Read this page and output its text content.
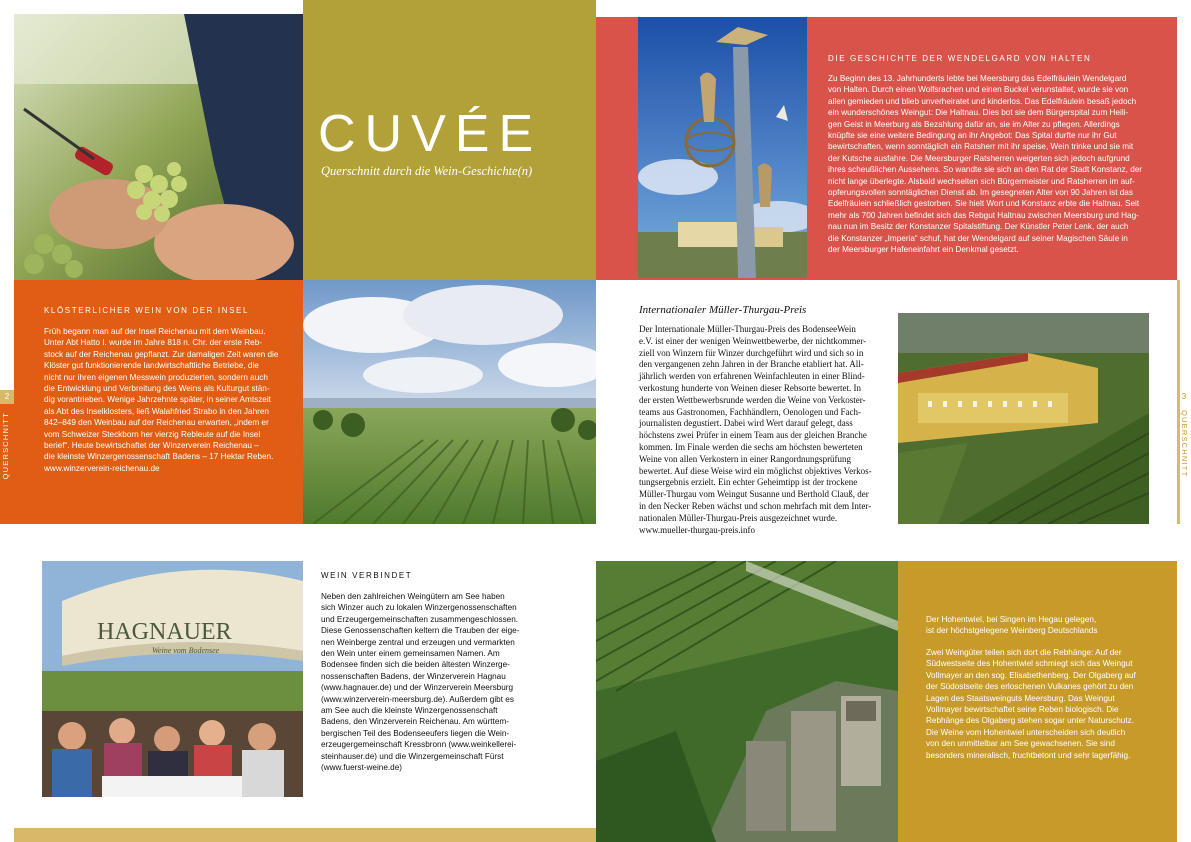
CUVÉE
Querschnitt durch die Wein-Geschichte(n)
DIE GESCHICHTE DER WENDELGARD VON HALTEN
Zu Beginn des 13. Jahrhunderts lebte bei Meersburg das Edelfräulein Wendelgard
von Halten. Durch einen Wolfsrachen und einen Buckel verunstaltet, wurde sie von
allen gemieden und blieb unverheiratet und kinderlos. Das Edelfräulein besaß jedoch
ein wunderschönes Weingut: Die Haltnau. Dies bot sie dem Bürgerspital zum Heili-
gen Geist in Meerburg als Bezahlung dafür an, sie im Alter zu pflegen. Allerdings
knüpfte sie eine weitere Bedingung an ihr Angebot: Das Spital durfte nur ihr Gut
bewirtschaften, wenn sonntäglich ein Ratsherr mit ihr speise, Wein trinke und sie mit
der Kutsche ausfahre. Die Meersburger Ratsherren weigerten sich jedoch aufgrund
ihres scheußlichen Aussehens. So wandte sie sich an den Rat der Stadt Konstanz, der
nicht lange überlegte. Alsbald wechselten sich Bürgermeister und Ratsherren im auf-
opferungsvollen sonntäglichen Dienst ab. Im gesegneten Alter von 90 Jahren ist das
Edelfräulein schließlich gestorben. Sie hielt Wort und Konstanz erbte die Haltnau. Seit
mehr als 700 Jahren befindet sich das Rebgut Haltnau zwischen Meersburg und Hag-
nau nun im Besitz der Konstanzer Spitalstiftung. Der Künstler Peter Lenk, der auch
die Konstanzer „Imperia“ schuf, hat der Wendelgard auf seiner Magischen Säule in
der Meersburger Hafeneinfahrt ein Denkmal gesetzt.
KLÖSTERLICHER WEIN VON DER INSEL
Früh begann man auf der Insel Reichenau mit dem Weinbau.
Unter Abt Hatto I. wurde im Jahre 818 n. Chr. der erste Reb-
stock auf der Reichenau gepflanzt. Zur damaligen Zeit waren die
Klöster gut funktionierende landwirtschaftliche Betriebe, die
nicht nur ihren eigenen Messwein produzierten, sondern auch
die Entwicklung und Verbreitung des Weins als Kulturgut stän-
dig vorantrieben. Wenige Jahrzehnte später, in seiner Amtszeit
als Abt des Inselklosters, ließ Walahfried Strabo in den Jahren
842–849 den Weinbau auf der Reichenau erwarten, „indem er
vom Schweizer Steckborn her vierzig Rebleute auf die Insel
berief“. Heute bewirtschaftet der Winzerverein Reichenau –
die kleinste Winzergenossenschaft Badens – 17 Hektar Reben.
www.winzerverein-reichenau.de
2
QUERSCHNITT
Internationaler Müller-Thurgau-Preis
Der Internationale Müller-Thurgau-Preis des BodenseeWein
e.V. ist einer der wenigen Weinwettbewerbe, der nichtkommer-
ziell von Winzern für Winzer durchgeführt wird und sich so in
den vergangenen zehn Jahren in der Branche etabliert hat. All-
jährlich werden von erfahrenen Weinfachleuten in einer Blind-
verkostung hunderte von Weinen dieser Rebsorte bewertet. In
der ersten Wettbewerbsrunde werden die Weine von Verkoster-
teams aus Gastronomen, Fachhändlern, Oenologen und Fach-
journalisten degustiert. Dabei wird Wert darauf gelegt, dass
höchstens zwei Prüfer in einem Team aus der gleichen Branche
kommen. Im Finale werden die sechs am höchsten bewerteten
Weine von allen Verkostern in einer Rangordnungsprüfung
bewertet. Auf diese Weise wird ein möglichst objektives Verkos-
tungsergebnis erzielt. Ein echter Geheimtipp ist der trockene
Müller-Thurgau vom Weingut Susanne und Berthold Clauß, der
in den Necker Reben wächst und schon mehrfach mit dem Inter-
nationalen Müller-Thurgau-Preis ausgezeichnet wurde.
www.mueller-thurgau-preis.info
3
QUERSCHNITT
HAGNAUER
Weine vom Bodensee
WEIN VERBINDET
Neben den zahlreichen Weingütern am See haben
sich Winzer auch zu lokalen Winzergenossenschaften
und Erzeugergemeinschaften zusammengeschlossen.
Diese Genossenschaften keltern die Trauben der eige-
nen Weinberge zentral und erzeugen und vermarkten
den Wein unter einem gemeinsamen Namen. Am
Bodensee finden sich die beiden ältesten Winzerge-
nossenschaften Badens, der Winzerverein Hagnau
(www.hagnauer.de) und der Winzerverein Meersburg
(www.winzerverein-meersburg.de). Außerdem gibt es
am See auch die kleinste Winzergenossenschaft
Badens, den Winzerverein Reichenau. Am württem-
bergischen Teil des Bodenseeufers liegen die Wein-
erzeugergemeinschaft Kressbronn (www.weinkellerei-
steinhauser.de) und die Winzergemeinschaft Fürst
(www.fuerst-weine.de)
Der Hohentwiel, bei Singen im Hegau gelegen,
ist der höchstgelegene Weinberg Deutschlands
Zwei Weingüter teilen sich dort die Rebhänge: Auf der
Südwestseite des Hohentwiel schmiegt sich das Weingut
Vollmayer an den sog. Elisabethenberg. Der Olgaberg auf
der Südostseite des erloschenen Vulkanes gehört zu den
Lagen des Staatsweinguts Meersburg. Das Weingut
Vollmayer bewirtschaftet seine Reben biologisch. Die
Rebhänge des Olgaberg stehen sogar unter Naturschutz.
Die Weine vom Hohentwiel unterscheiden sich deutlich
von den unmittelbar am See gewachsenen. Sie sind
besonders mineralisch, fruchtbetont und sehr lagerfähig.
